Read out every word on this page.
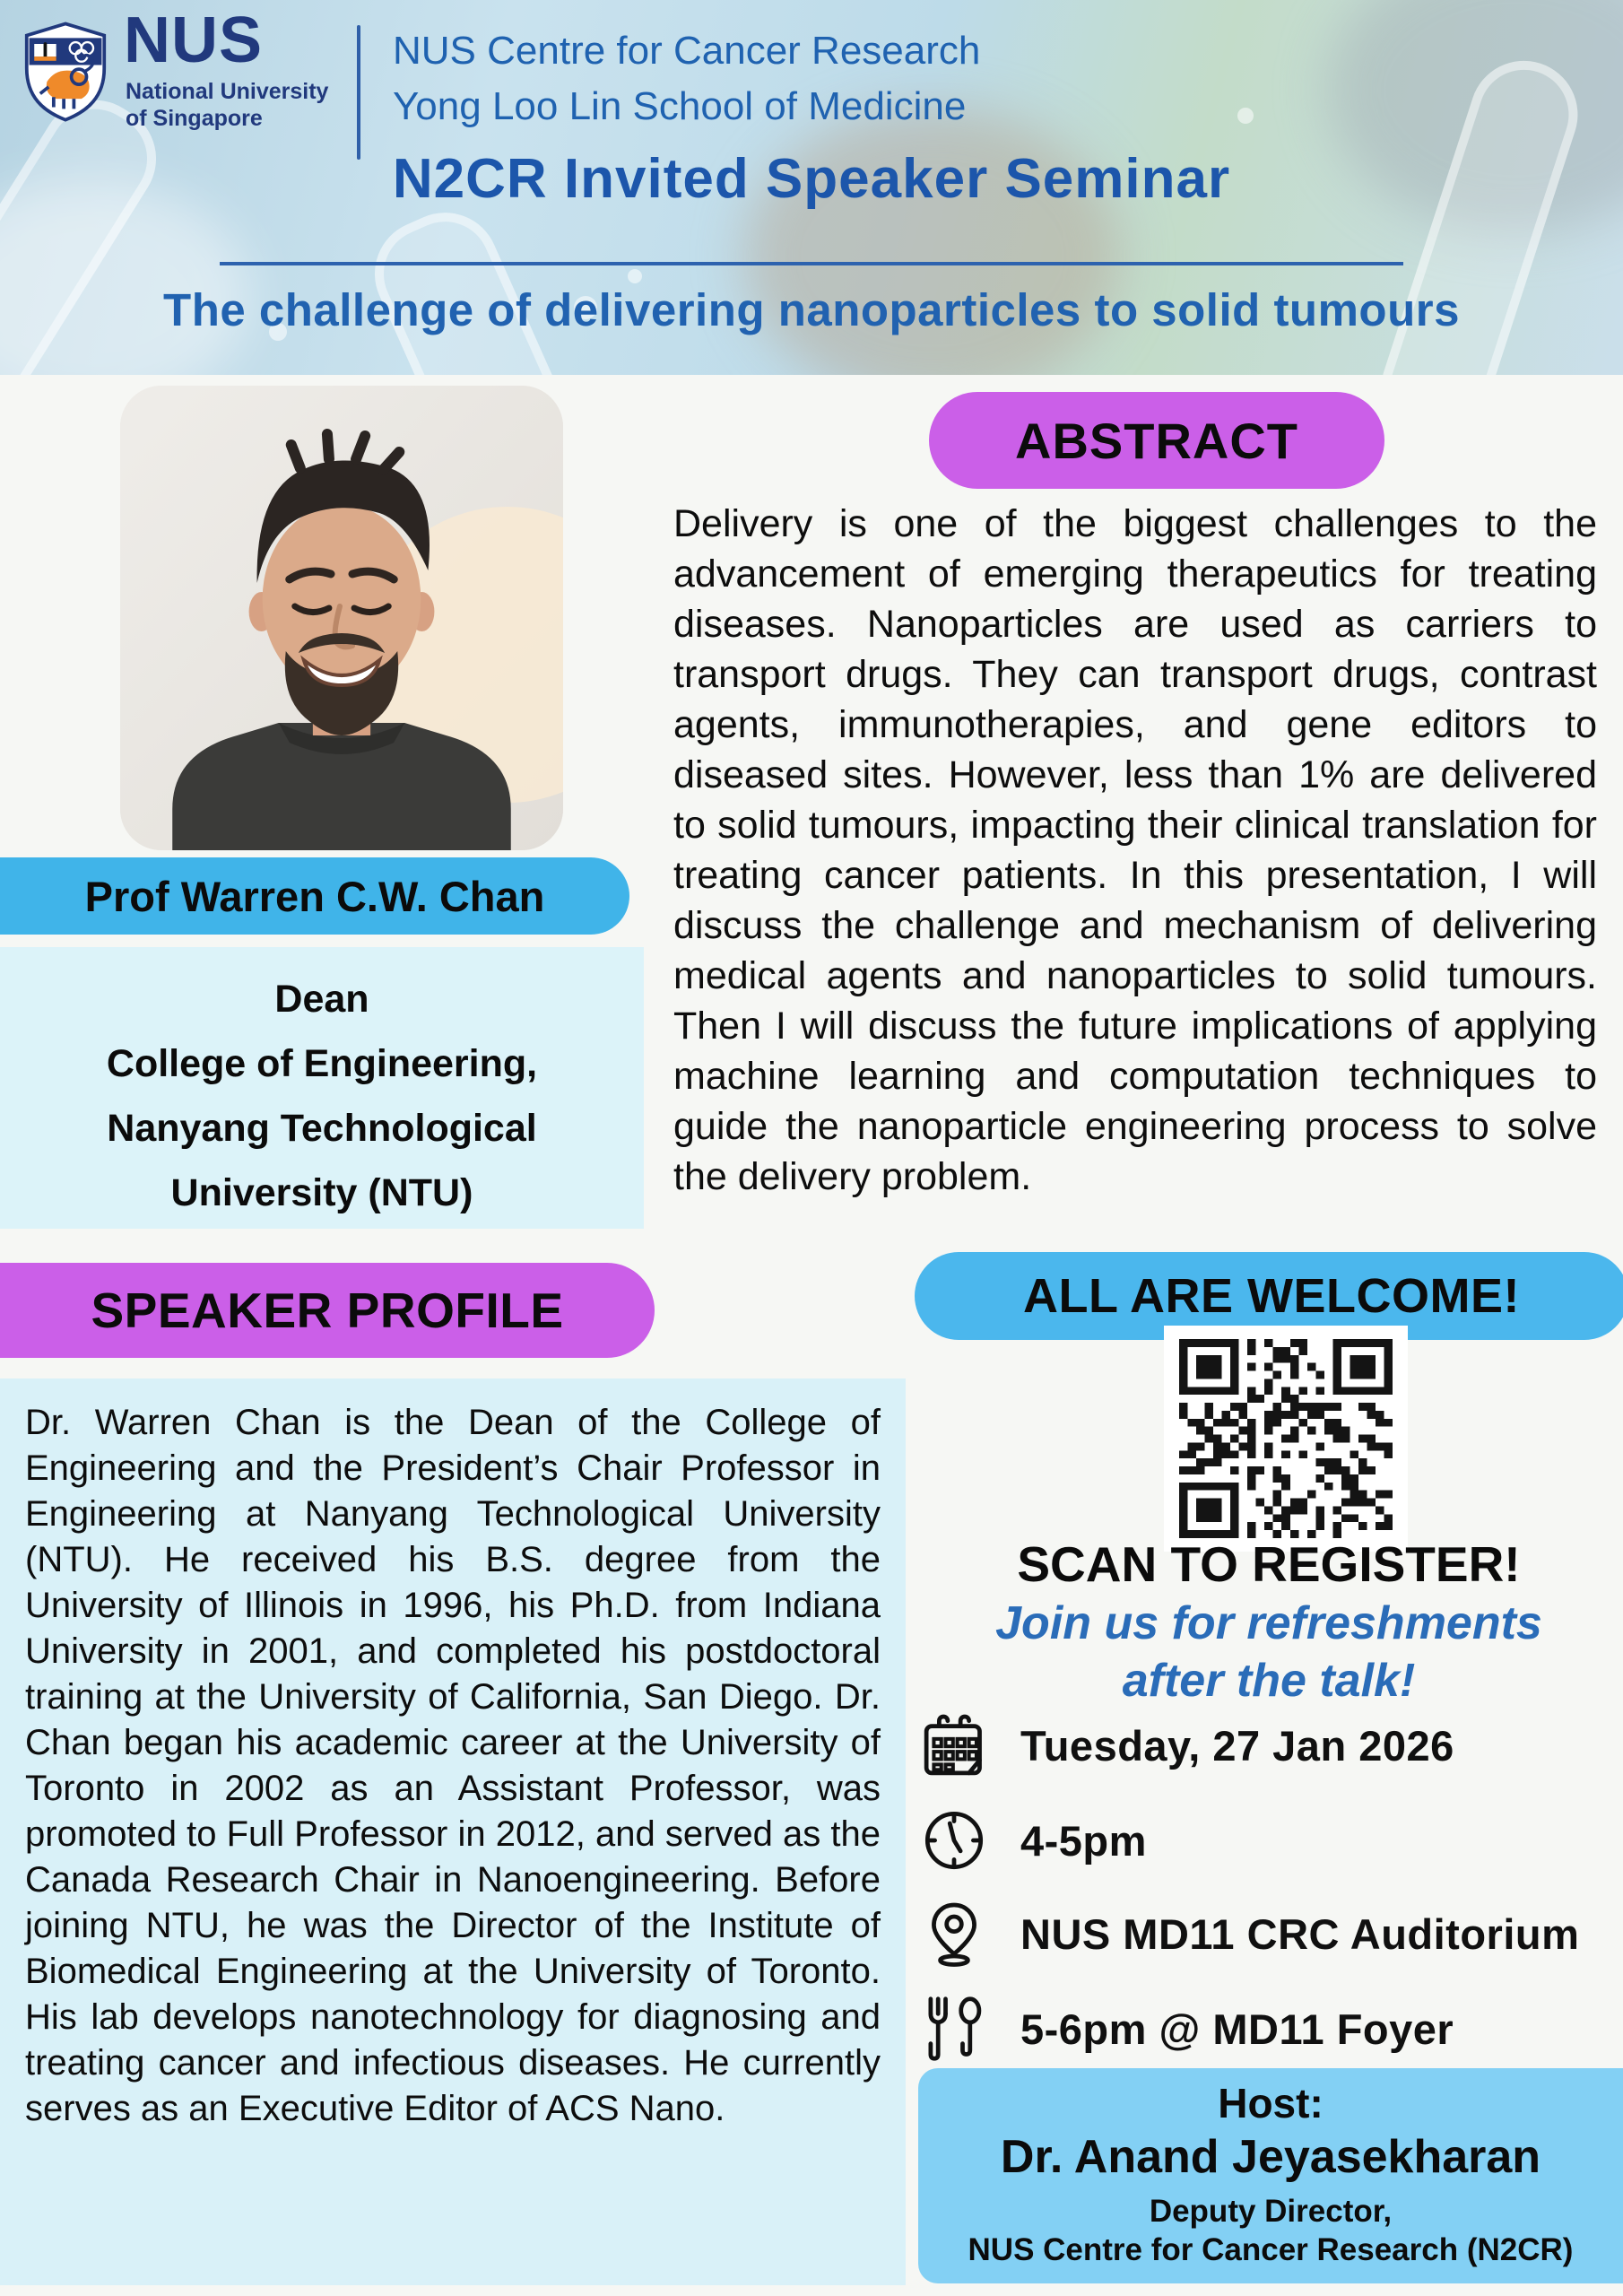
NUS
National University
of Singapore
NUS Centre for Cancer Research
Yong Loo Lin School of Medicine
N2CR Invited Speaker Seminar
The challenge of delivering nanoparticles to solid tumours
Prof Warren C.W. Chan
Dean
College of Engineering,
Nanyang Technological
University (NTU)
SPEAKER PROFILE
Dr. Warren Chan is the Dean of the College of Engineering and the President’s Chair Professor in Engineering at Nanyang Technological University (NTU). He received his B.S. degree from the University of Illinois in 1996, his Ph.D. from Indiana University in 2001, and completed his postdoctoral training at the University of California, San Diego. Dr. Chan began his academic career at the University of Toronto in 2002 as an Assistant Professor, was promoted to Full Professor in 2012, and served as the Canada Research Chair in Nanoengineering. Before joining NTU, he was the Director of the Institute of Biomedical Engineering at the University of Toronto. His lab develops nanotechnology for diagnosing and treating cancer and infectious diseases. He currently serves as an Executive Editor of ACS Nano.
ABSTRACT
Delivery is one of the biggest challenges to the advancement of emerging therapeutics for treating diseases. Nanoparticles are used as carriers to transport drugs. They can transport drugs, contrast agents, immunotherapies, and gene editors to diseased sites. However, less than 1% are delivered to solid tumours, impacting their clinical translation for treating cancer patients. In this presentation, I will discuss the challenge and mechanism of delivering medical agents and nanoparticles to solid tumours. Then I will discuss the future implications of applying machine learning and computation techniques to guide the nanoparticle engineering process to solve the delivery problem.
ALL ARE WELCOME!
SCAN TO REGISTER!
Join us for refreshments
after the talk!
Tuesday, 27 Jan 2026
4-5pm
NUS MD11 CRC Auditorium
5-6pm @ MD11 Foyer
Host:
Dr. Anand Jeyasekharan
Deputy Director,
NUS Centre for Cancer Research (N2CR)
